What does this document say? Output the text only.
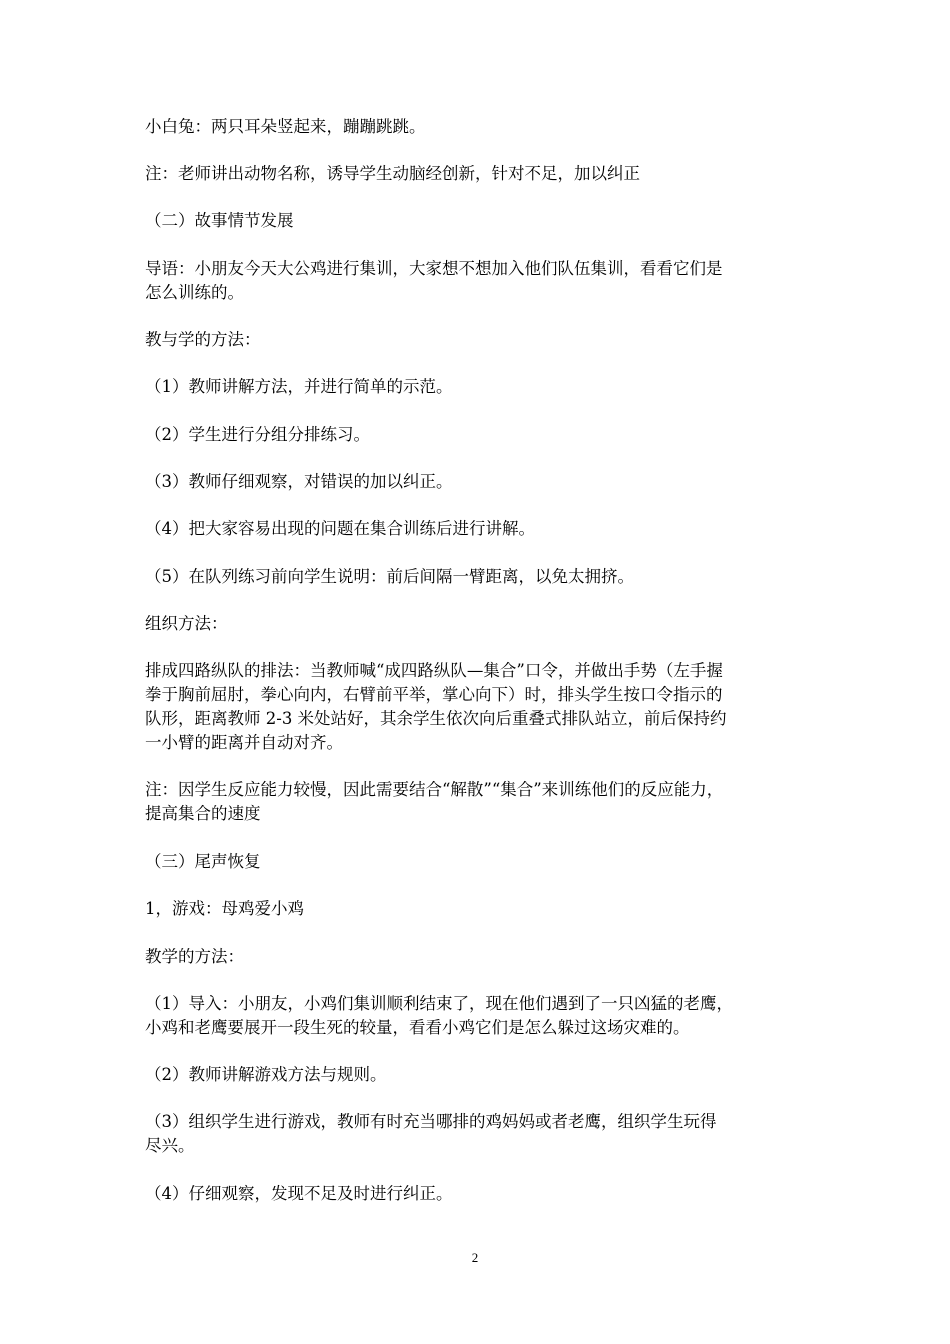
小白兔：两只耳朵竖起来，蹦蹦跳跳。

注：老师讲出动物名称，诱导学生动脑经创新，针对不足，加以纠正

（二）故事情节发展

导语：小朋友今天大公鸡进行集训，大家想不想加入他们队伍集训，看看它们是
怎么训练的。

教与学的方法：

（1）教师讲解方法，并进行简单的示范。

（2）学生进行分组分排练习。

（3）教师仔细观察，对错误的加以纠正。

（4）把大家容易出现的问题在集合训练后进行讲解。

（5）在队列练习前向学生说明：前后间隔一臂距离，以免太拥挤。

组织方法：

排成四路纵队的排法：当教师喊“成四路纵队—集合”口令，并做出手势（左手握
拳于胸前屈肘，拳心向内，右臂前平举，掌心向下）时，排头学生按口令指示的
队形，距离教师 2-3 米处站好，其余学生依次向后重叠式排队站立，前后保持约
一小臂的距离并自动对齐。

注：因学生反应能力较慢，因此需要结合“解散”“集合”来训练他们的反应能力，
提高集合的速度

（三）尾声恢复

1，游戏：母鸡爱小鸡

教学的方法：

（1）导入：小朋友，小鸡们集训顺利结束了，现在他们遇到了一只凶猛的老鹰，
小鸡和老鹰要展开一段生死的较量，看看小鸡它们是怎么躲过这场灾难的。

（2）教师讲解游戏方法与规则。

（3）组织学生进行游戏，教师有时充当哪排的鸡妈妈或者老鹰，组织学生玩得
尽兴。

（4）仔细观察，发现不足及时进行纠正。

2
